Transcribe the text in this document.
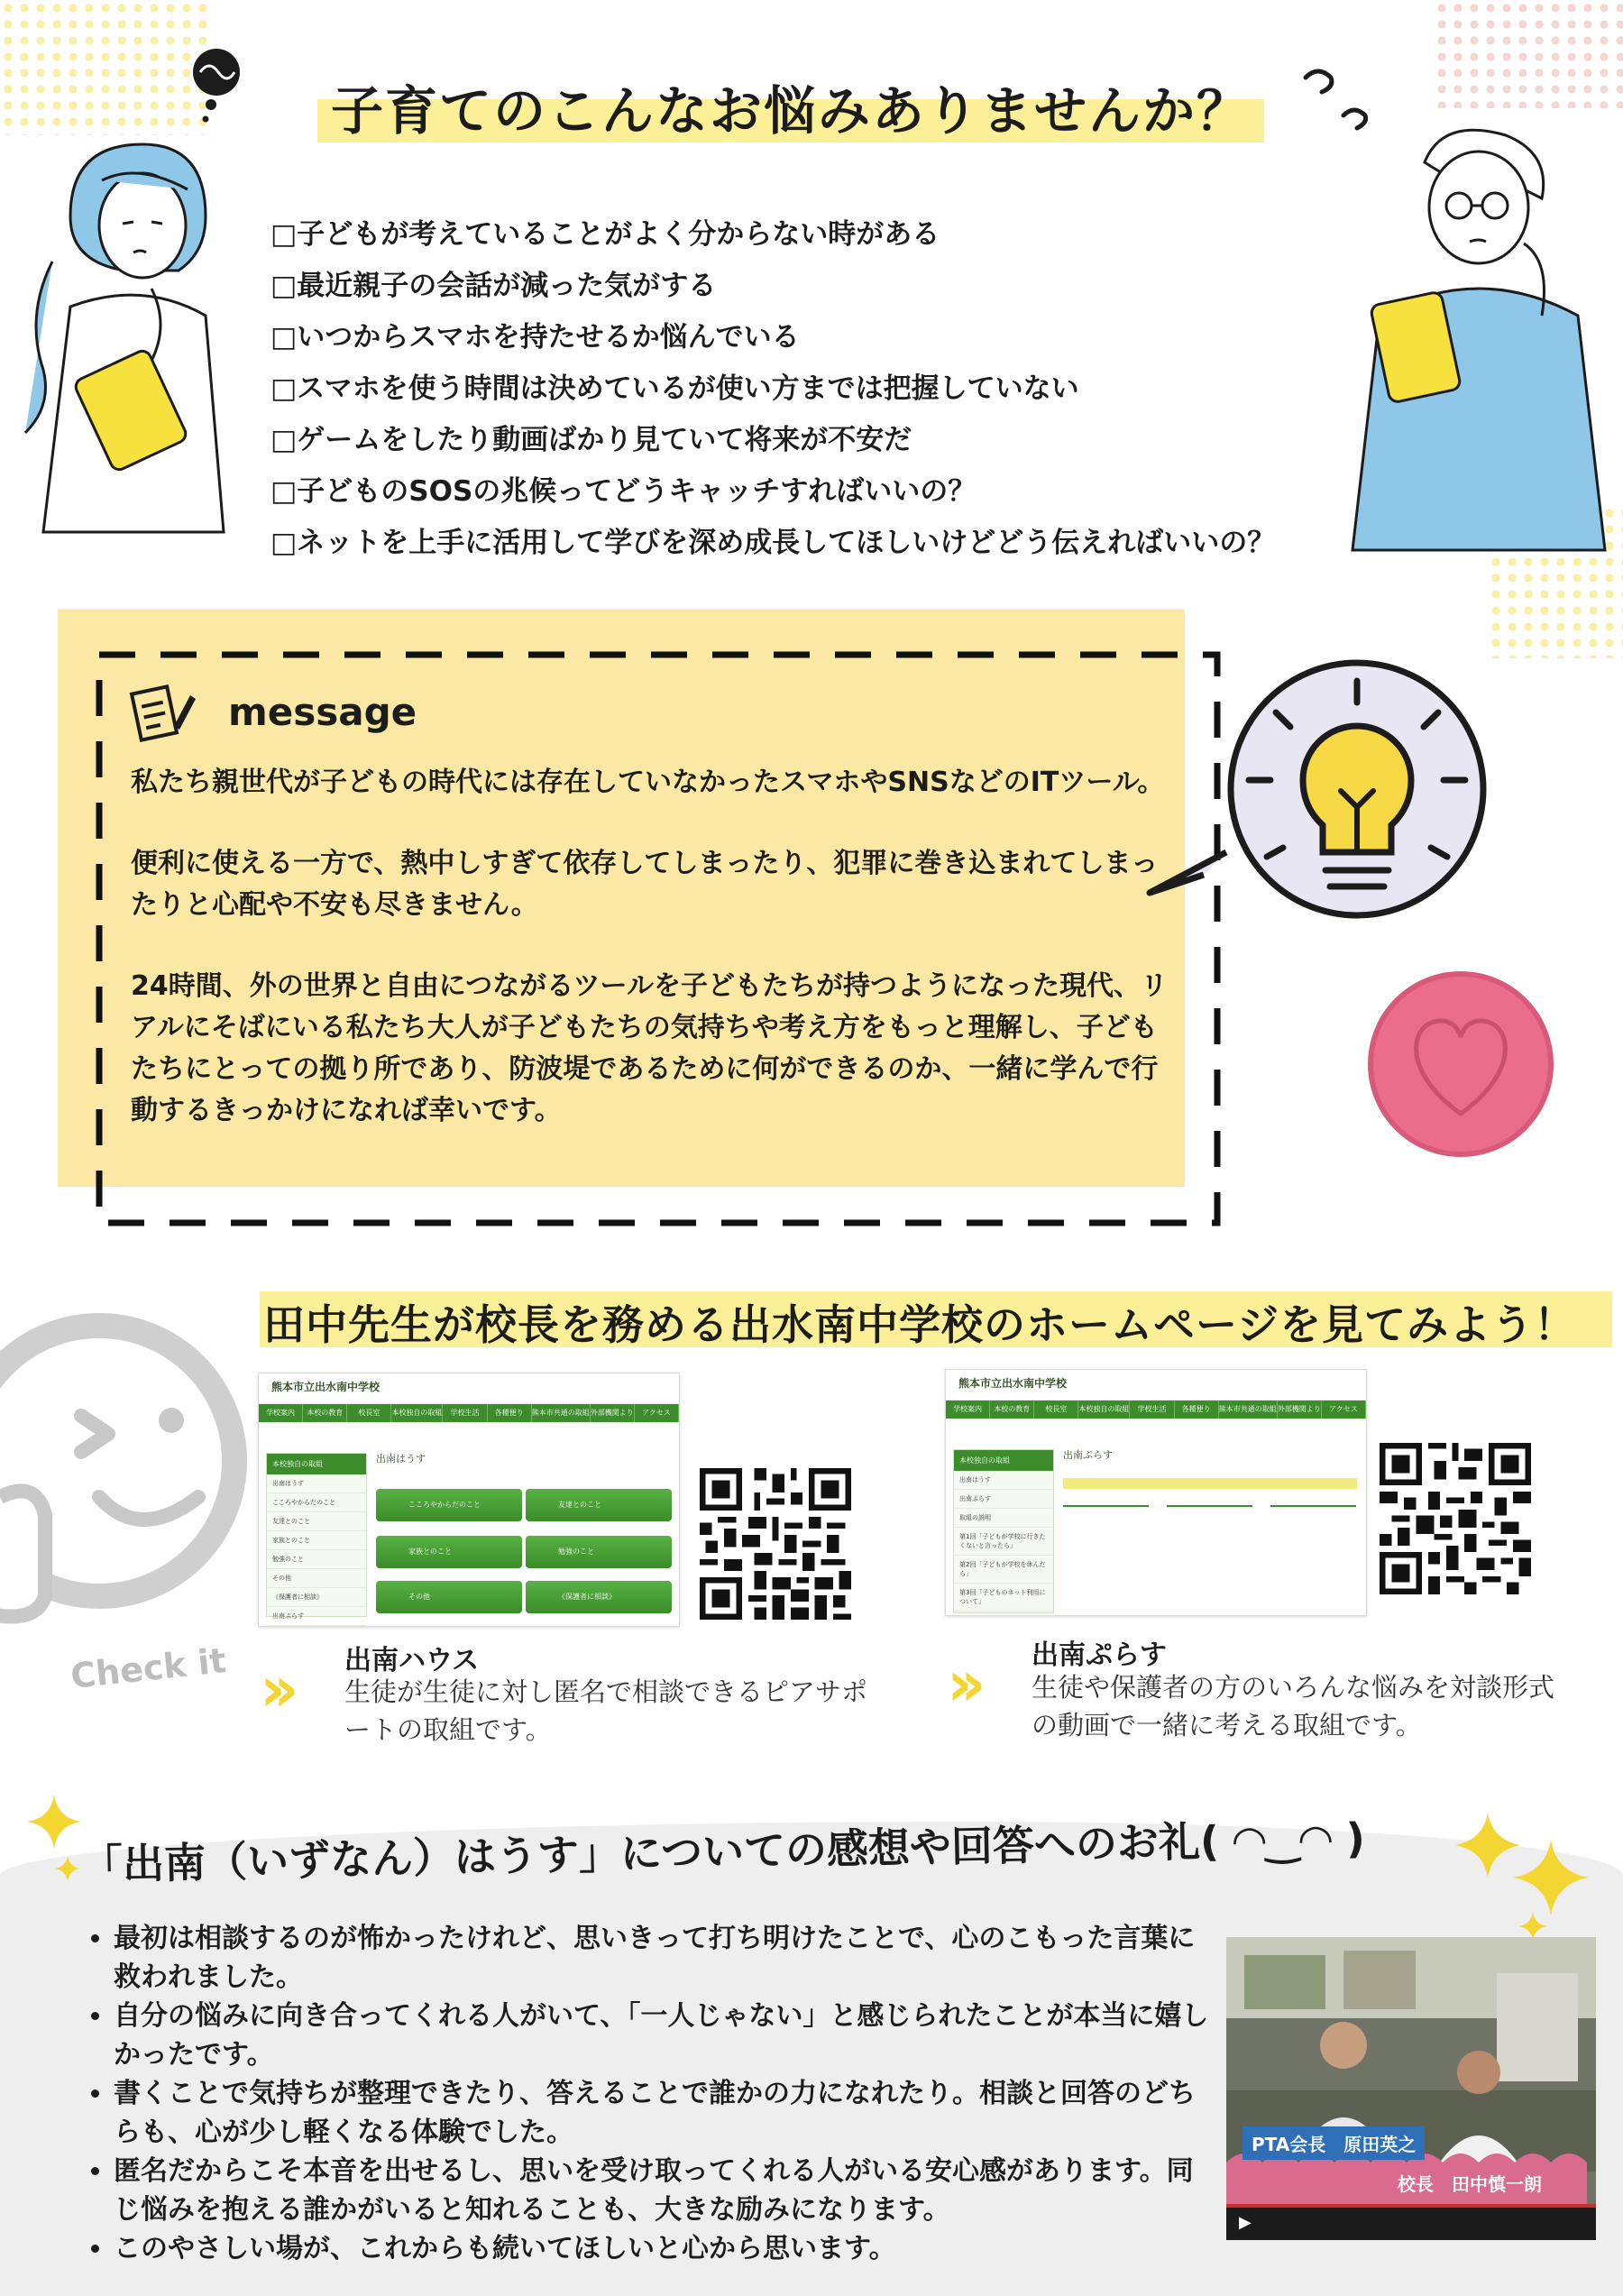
子育てのこんなお悩みありませんか？
□子どもが考えていることがよく分からない時がある
□最近親子の会話が減った気がする
□いつからスマホを持たせるか悩んでいる
□スマホを使う時間は決めているが使い方までは把握していない
□ゲームをしたり動画ばかり見ていて将来が不安だ
□子どものSOSの兆候ってどうキャッチすればいいの？
□ネットを上手に活用して学びを深め成長してほしいけどどう伝えればいいの？
message

私たち親世代が子どもの時代には存在していなかったスマホやSNSなどのITツール。

便利に使える一方で、熱中しすぎて依存してしまったり、犯罪に巻き込まれてしまったりと心配や不安も尽きません。

24時間、外の世界と自由につながるツールを子どもたちが持つようになった現代、リアルにそばにいる私たち大人が子どもたちの気持ちや考え方をもっと理解し、子どもたちにとっての拠り所であり、防波堤であるために何ができるのか、一緒に学んで行動するきっかけになれば幸いです。

Check it
田中先生が校長を務める出水南中学校のホームページを見てみよう！
熊本市立出水南中学校
学校案内	本校の教育	校長室	本校独自の取組	学校生活	各種便り	熊本市共通の取組 外部機関より	アクセス
本校独自の取組
出南はうす
こころやからだのこと
友達とのこと
家族とのこと
勉強のこと
その他
《保護者に相談》
出南ぷらす
出南はうす
こころやからだのこと	友達とのこと
家族とのこと	勉強のこと
その他	《保護者に相談》
›› 出南ハウス
生徒が生徒に対し匿名で相談できるピアサポートの取組です。
熊本市立出水南中学校
学校案内	本校の教育	校長室	本校独自の取組	学校生活	各種便り	熊本市共通の取組 外部機関より	アクセス
本校独自の取組
出南はうす
出南ぷらす
取組の説明
第1回「子どもが学校に行きたくないと言ったら」
第2回「子どもが学校を休んだら」
第3回「子どものネット利用について」
出南ぷらす
›› 出南ぷらす
生徒や保護者の方のいろんな悩みを対談形式の動画で一緒に考える取組です。
「出南（いずなん）はうす」についての感想や回答へのお礼( ◠‿◠ )
• 最初は相談するのが怖かったけれど、思いきって打ち明けたことで、心のこもった言葉に救われました。
• 自分の悩みに向き合ってくれる人がいて、「一人じゃない」と感じられたことが本当に嬉しかったです。
• 書くことで気持ちが整理できたり、答えることで誰かの力になれたり。相談と回答のどちらも、心が少し軽くなる体験でした。
• 匿名だからこそ本音を出せるし、思いを受け取ってくれる人がいる安心感があります。同じ悩みを抱える誰かがいると知れることも、大きな励みになります。
• このやさしい場が、これからも続いてほしいと心から思います。
PTA会長　原田英之
校長　田中慎一朗
▶
